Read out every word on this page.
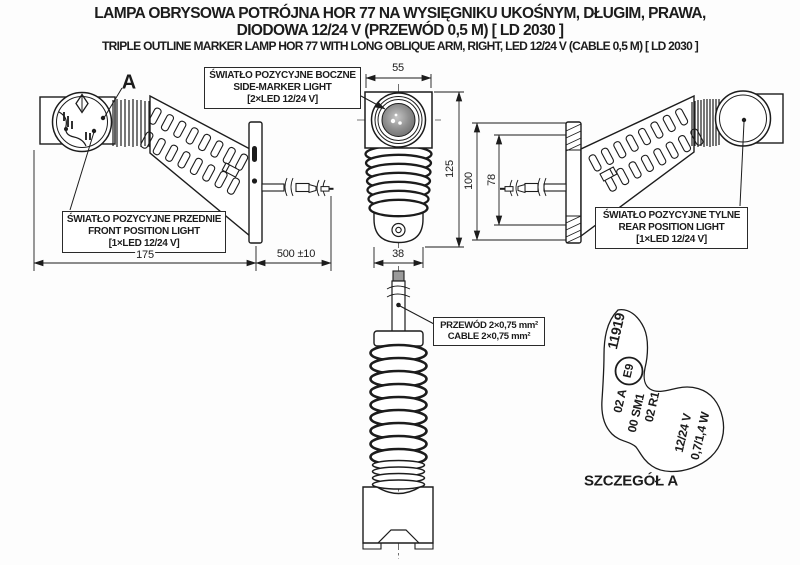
LAMPA OBRYSOWA POTRÓJNA HOR 77 NA WYSIĘGNIKU UKOŚNYM, DŁUGIM, PRAWA,
DIODOWA 12/24 V (PRZEWÓD 0,5 M) [ LD 2030 ]
TRIPLE OUTLINE MARKER LAMP HOR 77 WITH LONG OBLIQUE ARM, RIGHT, LED 12/24 V (CABLE 0,5 M) [ LD 2030 ]
A	ŚWIATŁO POZYCYJNE BOCZNE
SIDE-MARKER LIGHT
[2×LED 12/24 V]
ŚWIATŁO POZYCYJNE PRZEDNIE
FRONT POSITION LIGHT
[1×LED 12/24 V]
ŚWIATŁO POZYCYJNE TYLNE
REAR POSITION LIGHT
[1×LED 12/24 V]
PRZEWÓD 2×0,75 mm²
CABLE 2×0,75 mm²
175	500 ±10	38
55
125
100 78
11919
E9
02 A
00 SM1
02 R1
12/24 V
0,7/1,4 W
SZCZEGÓŁ A
